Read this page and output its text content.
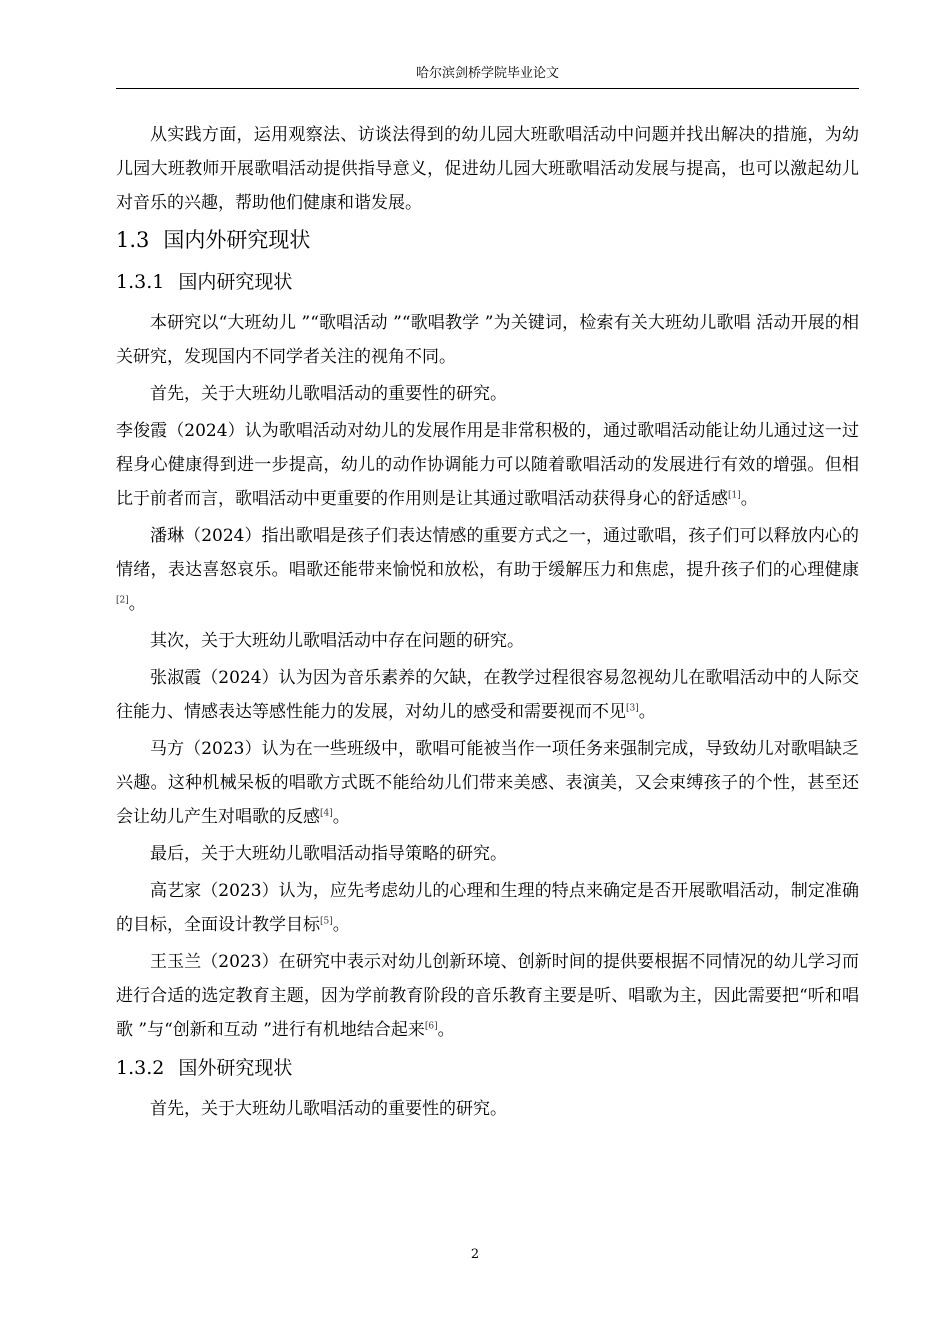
哈尔滨剑桥学院毕业论文

从实践方面，运用观察法、访谈法得到的幼儿园大班歌唱活动中问题并找出解决的措施，为幼儿园大班教师开展歌唱活动提供指导意义，促进幼儿园大班歌唱活动发展与提高，也可以激起幼儿对音乐的兴趣，帮助他们健康和谐发展。

1.3 国内外研究现状
1.3.1 国内研究现状

本研究以“大班幼儿 ”“歌唱活动 ”“歌唱教学 ”为关键词，检索有关大班幼儿歌唱 活动开展的相关研究，发现国内不同学者关注的视角不同。

首先，关于大班幼儿歌唱活动的重要性的研究。

李俊霞（2024）认为歌唱活动对幼儿的发展作用是非常积极的，通过歌唱活动能让幼儿通过这一过程身心健康得到进一步提高，幼儿的动作协调能力可以随着歌唱活动的发展进行有效的增强。但相比于前者而言，歌唱活动中更重要的作用则是让其通过歌唱活动获得身心的舒适感[1]。

潘琳（2024）指出歌唱是孩子们表达情感的重要方式之一，通过歌唱，孩子们可以释放内心的情绪，表达喜怒哀乐。唱歌还能带来愉悦和放松，有助于缓解压力和焦虑，提升孩子们的心理健康[2]。

其次，关于大班幼儿歌唱活动中存在问题的研究。

张淑霞（2024）认为因为音乐素养的欠缺，在教学过程很容易忽视幼儿在歌唱活动中的人际交往能力、情感表达等感性能力的发展，对幼儿的感受和需要视而不见[3]。

马方（2023）认为在一些班级中，歌唱可能被当作一项任务来强制完成，导致幼儿对歌唱缺乏兴趣。这种机械呆板的唱歌方式既不能给幼儿们带来美感、表演美，又会束缚孩子的个性，甚至还会让幼儿产生对唱歌的反感[4]。

最后，关于大班幼儿歌唱活动指导策略的研究。

高艺家（2023）认为，应先考虑幼儿的心理和生理的特点来确定是否开展歌唱活动，制定准确的目标，全面设计教学目标[5]。

王玉兰（2023）在研究中表示对幼儿创新环境、创新时间的提供要根据不同情况的幼儿学习而进行合适的选定教育主题，因为学前教育阶段的音乐教育主要是听、唱歌为主，因此需要把“听和唱歌 ”与“创新和互动 ”进行有机地结合起来[6]。

1.3.2 国外研究现状

首先，关于大班幼儿歌唱活动的重要性的研究。

2
